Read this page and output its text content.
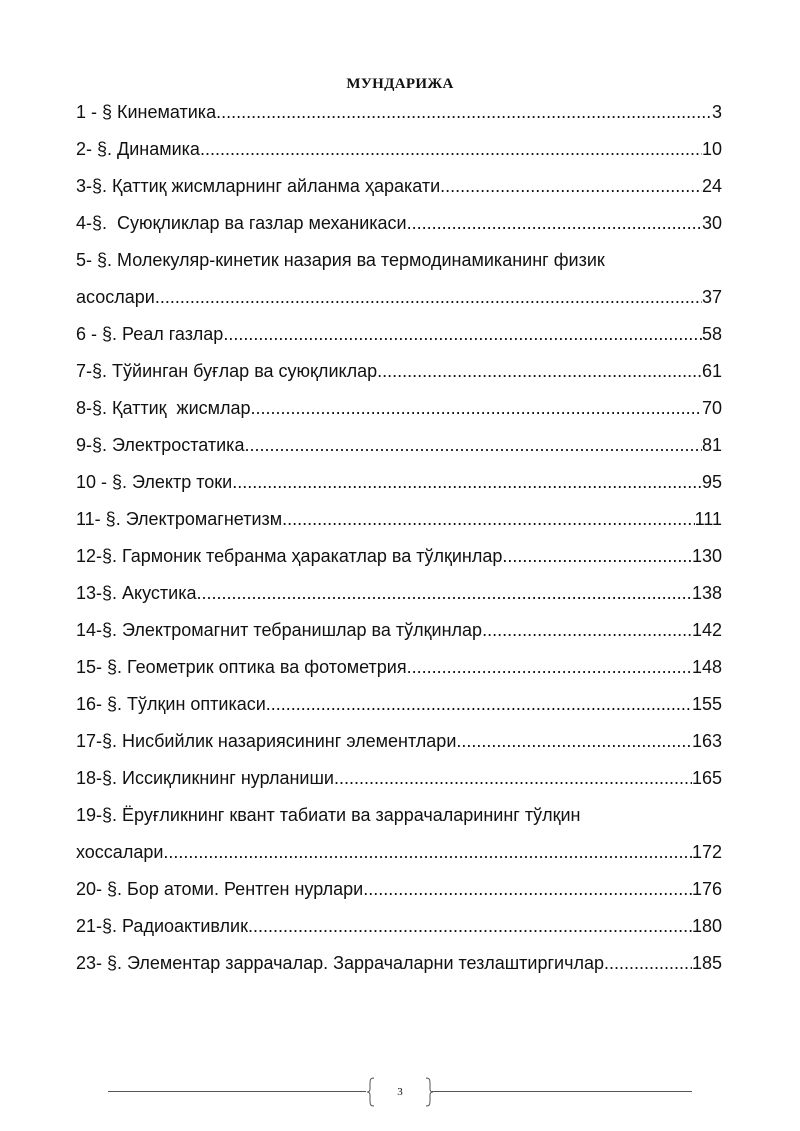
МУНДАРИЖА
1 - § Кинематика .....	3
2- §. Динамика .....	10
3-§. Қаттиқ жисмларнинг айланма ҳаракати .....	24
4-§.  Суюқликлар ва газлар механикаси .....	30
5- §. Молекуляр-кинетик назария ва термодинамиканинг физик
асослари .....	37
6 - §. Реал газлар .....	58
7-§. Тўйинган буғлар ва суюқликлар .....	61
8-§. Қаттиқ  жисмлар .....	70
9-§. Электростатика .....	81
10 - §. Электр токи .....	95
11- §. Электромагнетизм .....	111
12-§. Гармоник тебранма ҳаракатлар ва тўлқинлар .....	130
13-§. Акустика .....	138
14-§. Электромагнит тебранишлар ва тўлқинлар .....	142
15- §. Геометрик оптика ва фотометрия .....	148
16- §. Тўлқин оптикаси .....	155
17-§. Нисбийлик назариясининг элементлари .....	163
18-§. Иссиқликнинг нурланиши .....	165
19-§. Ёруғликнинг квант табиати ва заррачаларининг тўлқин
хоссалари .....	172
20- §. Бор атоми. Рентген нурлари .....	176
21-§. Радиоактивлик .....	180
23- §. Элементар заррачалар. Заррачаларни тезлаштиргичлар .....	185
3
